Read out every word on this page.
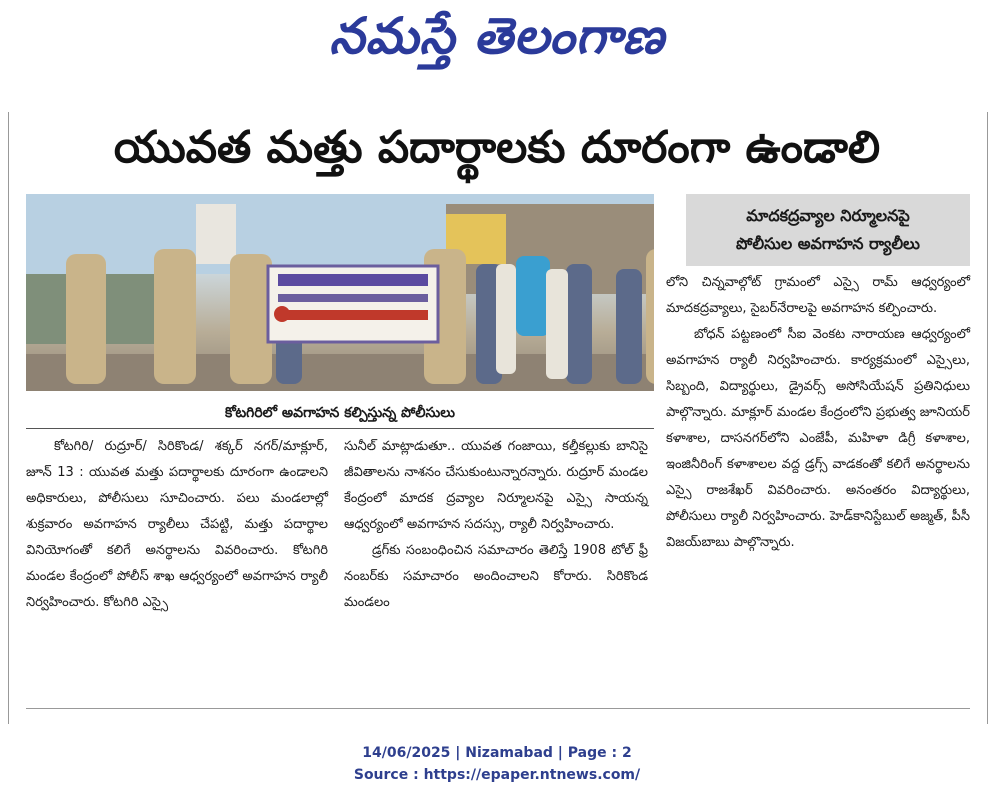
నమస్తే తెలంగాణ
యువత మత్తు పదార్థాలకు దూరంగా ఉండాలి
కోటగిరిలో అవగాహన కల్పిస్తున్న పోలీసులు
మాదకద్రవ్యాల నిర్మూలనపై
పోలీసుల అవగాహన ర్యాలీలు

కోటగిరి/ రుద్రూర్/ సిరికొండ/ శక్కర్ నగర్/మాక్లూర్, జూన్ 13 : యువత మత్తు పదార్థాలకు దూరంగా ఉండాలని అధికారులు, పోలీసులు సూచించారు. పలు మండలాల్లో శుక్రవారం అవగాహన ర్యాలీలు చేపట్టి, మత్తు పదార్థాల వినియోగంతో కలిగే అనర్థాలను వివరించారు. కోటగిరి మండల కేంద్రంలో పోలీస్ శాఖ ఆధ్వర్యంలో అవగాహన ర్యాలీ నిర్వహించారు. కోటగిరి ఎస్సై

సునీల్ మాట్లాడుతూ.. యువత గంజాయి, కల్తీకల్లుకు బానిసై జీవితాలను నాశనం చేసుకుంటున్నారన్నారు. రుద్రూర్ మండల కేంద్రంలో మాదక ద్రవ్యాల నిర్మూలనపై ఎస్సై సాయన్న ఆధ్వర్యంలో అవగాహన సదస్సు, ర్యాలీ నిర్వహించారు.

డ్రగ్‌కు సంబంధించిన సమాచారం తెలిస్తే 1908 టోల్ ఫ్రీ నంబర్‌కు సమాచారం అందించాలని కోరారు. సిరికొండ మండలం

లోని చిన్నవాల్గోట్ గ్రామంలో ఎస్సై రామ్ ఆధ్వర్యంలో మాదకద్రవ్యాలు, సైబర్‌నేరాలపై అవగాహన కల్పించారు.

బోధన్ పట్టణంలో సీఐ వెంకట నారాయణ ఆధ్వర్యంలో అవగాహన ర్యాలీ నిర్వహించారు. కార్యక్రమంలో ఎస్సైలు, సిబ్బంది, విద్యార్థులు, డ్రైవర్స్ అసోసియేషన్ ప్రతినిధులు పాల్గొన్నారు. మాక్లూర్ మండల కేంద్రంలోని ప్రభుత్వ జూనియర్ కళాశాల, దాసనగర్‌లోని ఎంజేపీ, మహిళా డిగ్రీ కళాశాల, ఇంజినీరింగ్ కళాశాలల వద్ద డ్రగ్స్ వాడకంతో కలిగే అనర్థాలను ఎస్సై రాజశేఖర్ వివరించారు. అనంతరం విద్యార్థులు, పోలీసులు ర్యాలీ నిర్వహించారు. హెడ్‌కానిస్టేబుల్ అజ్మత్, పీసీ విజయ్‌బాబు పాల్గొన్నారు.

14/06/2025 | Nizamabad | Page : 2
Source : https://epaper.ntnews.com/
